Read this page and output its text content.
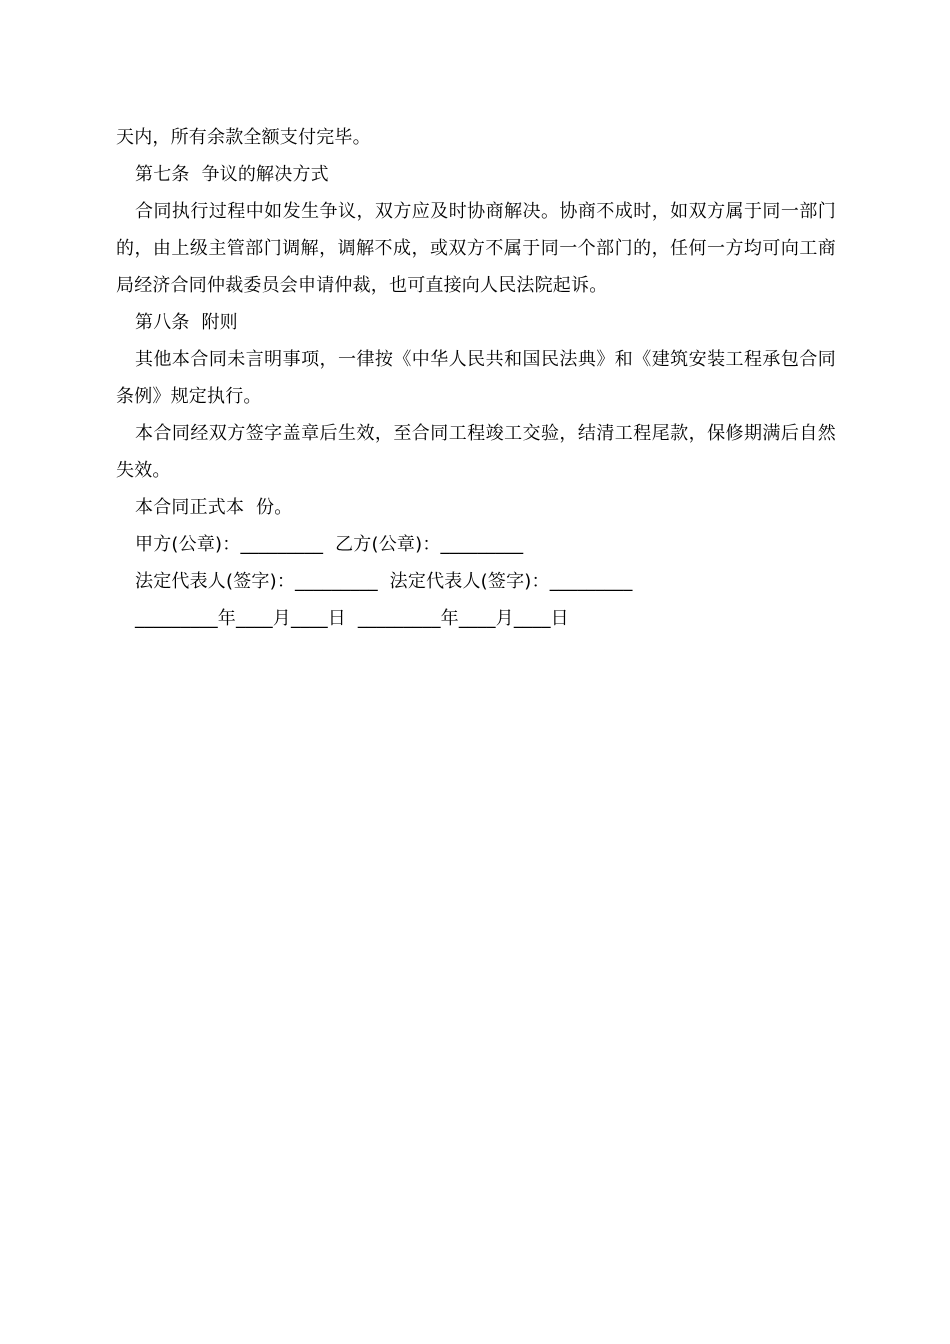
天内，所有余款全额支付完毕。

第七条  争议的解决方式

合同执行过程中如发生争议，双方应及时协商解决。协商不成时，如双方属于同一部门的，由上级主管部门调解，调解不成，或双方不属于同一个部门的，任何一方均可向工商局经济合同仲裁委员会申请仲裁，也可直接向人民法院起诉。

第八条  附则

其他本合同未言明事项，一律按《中华人民共和国民法典》和《建筑安装工程承包合同条例》规定执行。

本合同经双方签字盖章后生效，至合同工程竣工交验，结清工程尾款，保修期满后自然失效。

本合同正式本  份。

甲方(公章)：_________  乙方(公章)：_________

法定代表人(签字)：_________  法定代表人(签字)：_________

_________年____月____日  _________年____月____日
